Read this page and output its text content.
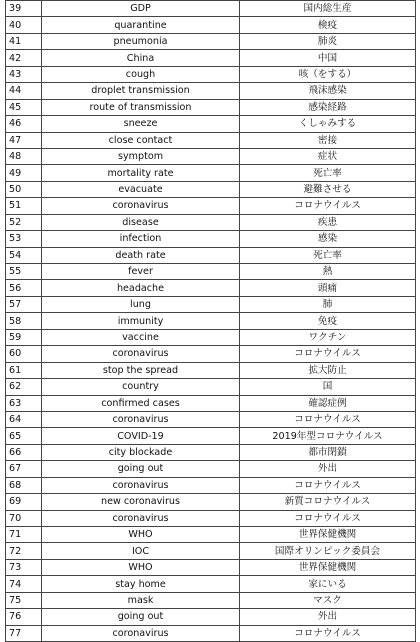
39	GDP	国内総生産
40	quarantine	検疫
41	pneumonia	肺炎
42	China	中国
43	cough	咳（をする）
44	droplet transmission	飛沫感染
45	route of transmission	感染経路
46	sneeze	くしゃみする
47	close contact	密接
48	symptom	症状
49	mortality rate	死亡率
50	evacuate	避難させる
51	coronavirus	コロナウイルス
52	disease	疾患
53	infection	感染
54	death rate	死亡率
55	fever	熱
56	headache	頭痛
57	lung	肺
58	immunity	免疫
59	vaccine	ワクチン
60	coronavirus	コロナウイルス
61	stop the spread	拡大防止
62	country	国
63	confirmed cases	確認症例
64	coronavirus	コロナウイルス
65	COVID-19	2019年型コロナウイルス
66	city blockade	都市閉鎖
67	going out	外出
68	coronavirus	コロナウイルス
69	new coronavirus	新質コロナウイルス
70	coronavirus	コロナウイルス
71	WHO	世界保健機関
72	IOC	国際オリンピック委員会
73	WHO	世界保健機関
74	stay home	家にいる
75	mask	マスク
76	going out	外出
77	coronavirus	コロナウイルス
